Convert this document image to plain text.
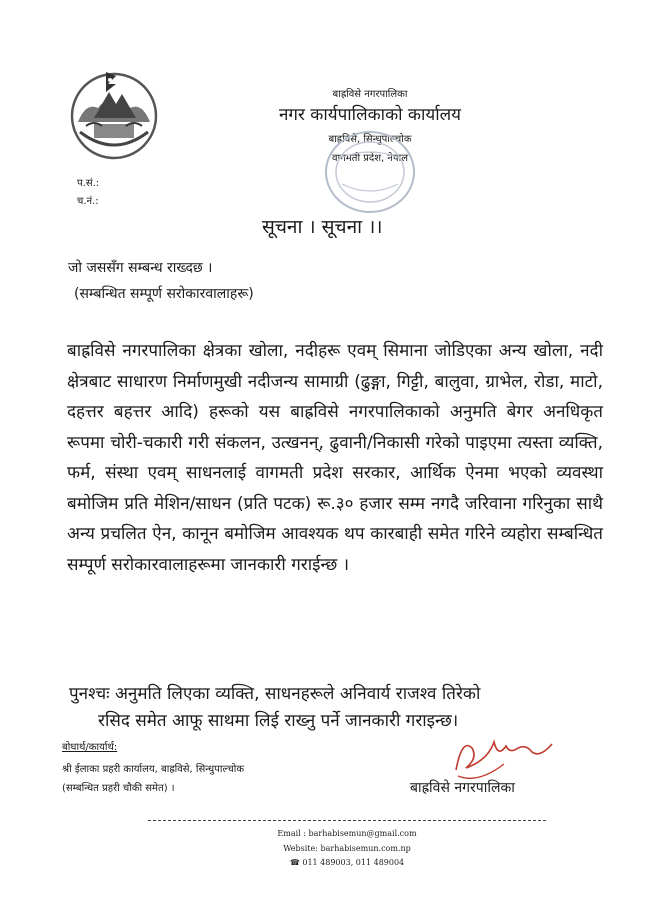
बाह्रविसे नगरपालिका
नगर कार्यपालिकाको कार्यालय
बाह्रविसे, सिन्धुपाल्चोक
वागमती प्रदेश, नेपाल
प.सं.:
च.नं.:
सूचना । सूचना ।।
जो जससँग सम्बन्ध राख्दछ ।
(सम्बन्धित सम्पूर्ण सरोकारवालाहरू)

बाह्रविसे नगरपालिका क्षेत्रका खोला, नदीहरू एवम् सिमाना जोडिएका अन्य खोला, नदी क्षेत्रबाट साधारण निर्माणमुखी नदीजन्य सामाग्री (ढुङ्गा, गिट्टी, बालुवा, ग्राभेल, रोडा, माटो, दहत्तर बहत्तर आदि) हरूको यस बाह्रविसे नगरपालिकाको अनुमति बेगर अनधिकृत रूपमा चोरी-चकारी गरी संकलन, उत्खनन्, ढुवानी/निकासी गरेको पाइएमा त्यस्ता व्यक्ति, फर्म, संस्था एवम् साधनलाई वागमती प्रदेश सरकार, आर्थिक ऐनमा भएको व्यवस्था बमोजिम प्रति मेशिन/साधन (प्रति पटक) रू.३० हजार सम्म नगदै जरिवाना गरिनुका साथै अन्य प्रचलित ऐन, कानून बमोजिम आवश्यक थप कारबाही समेत गरिने व्यहोरा सम्बन्धित सम्पूर्ण सरोकारवालाहरूमा जानकारी गराईन्छ ।

पुनश्चः अनुमति लिएका व्यक्ति, साधनहरूले अनिवार्य राजश्व तिरेको
रसिद समेत आफू साथमा लिई राख्नु पर्ने जानकारी गराइन्छ।
बोधार्थ/कार्यार्थ:
श्री ईलाका प्रहरी कार्यालय, बाह्रविसे, सिन्धुपाल्चोक
(सम्बन्धित प्रहरी चौकी समेत) ।	बाह्रविसे नगरपालिका
Email : barhabisemun@gmail.com
Website: barhabisemun.com.np
☎ 011 489003, 011 489004
